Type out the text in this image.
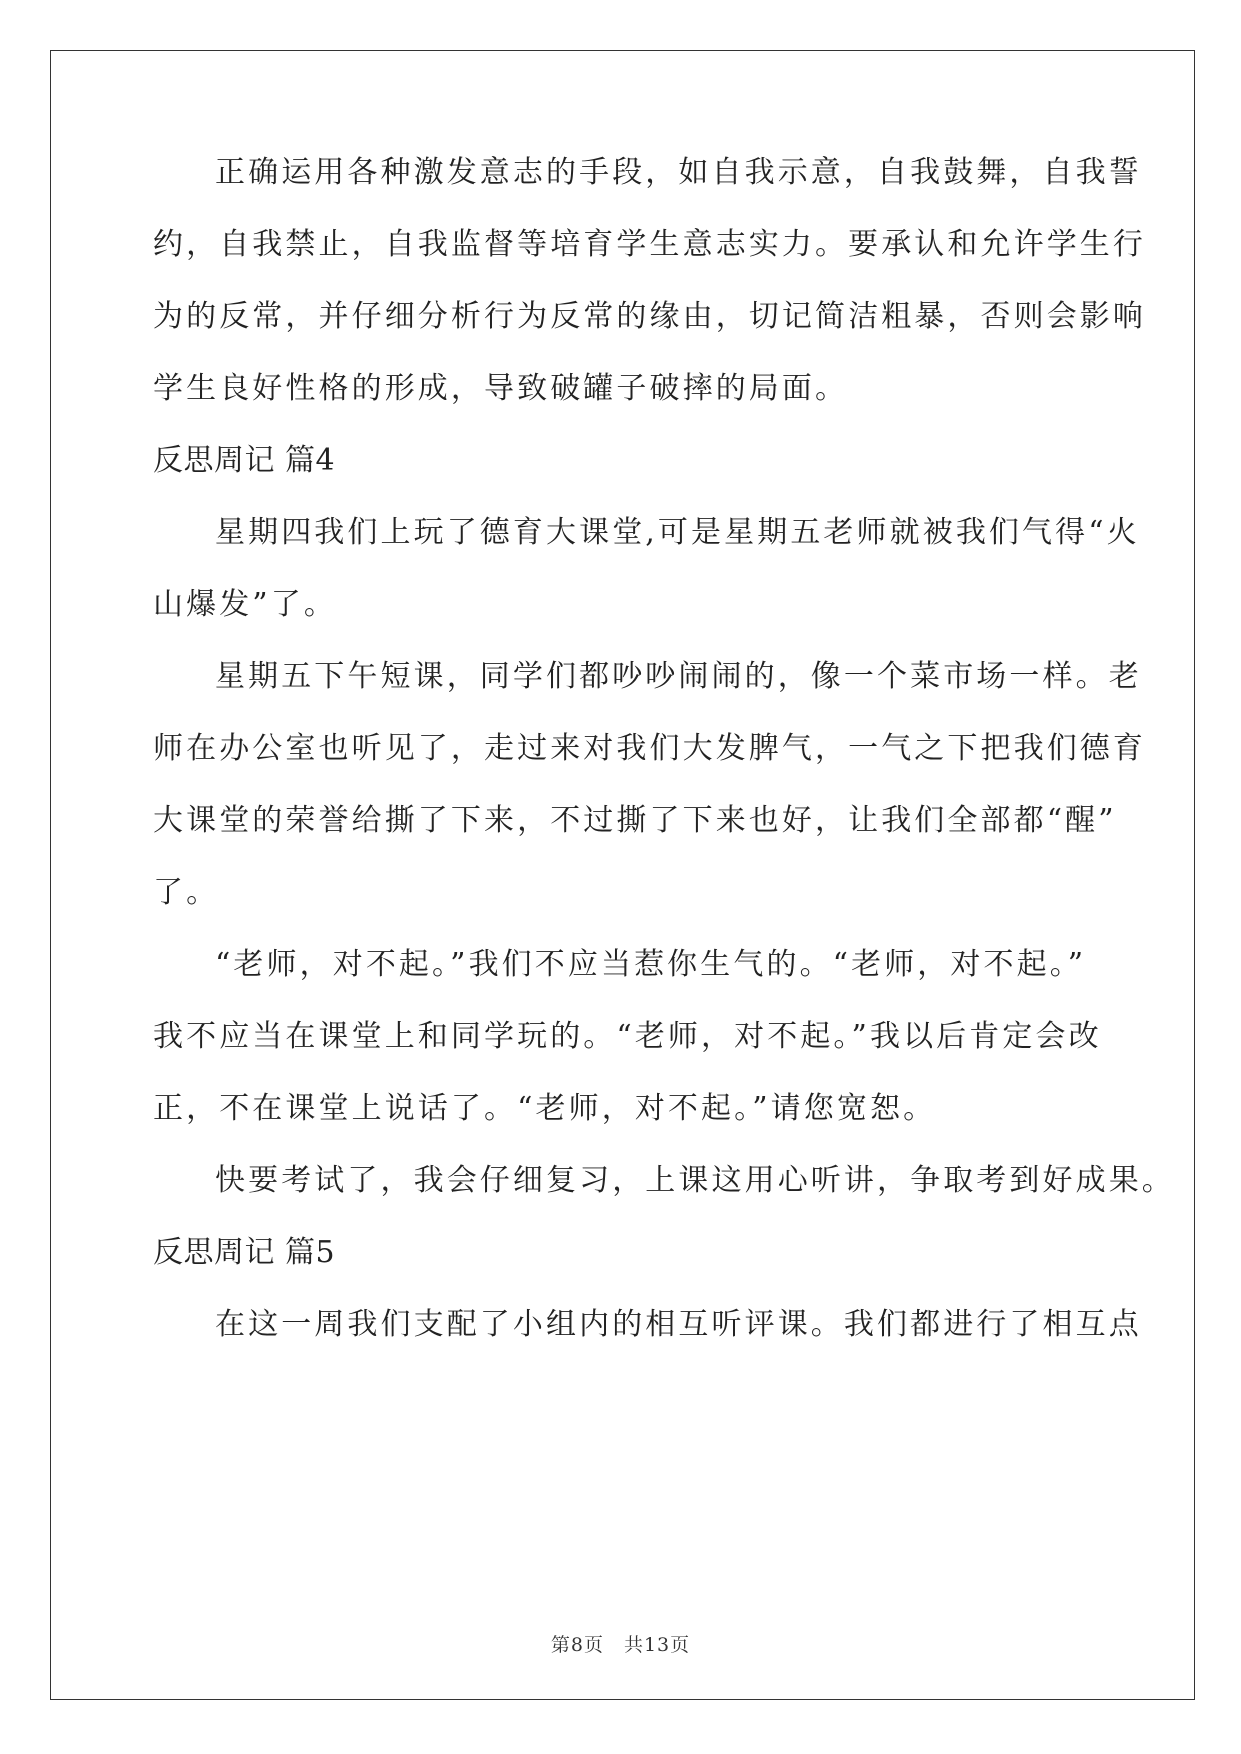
正确运用各种激发意志的手段，如自我示意，自我鼓舞，自我誓

约，自我禁止，自我监督等培育学生意志实力。要承认和允许学生行

为的反常，并仔细分析行为反常的缘由，切记简洁粗暴，否则会影响

学生良好性格的形成，导致破罐子破摔的局面。

反思周记 篇4

星期四我们上玩了德育大课堂,可是星期五老师就被我们气得“火

山爆发”了。

星期五下午短课，同学们都吵吵闹闹的，像一个菜市场一样。老

师在办公室也听见了，走过来对我们大发脾气，一气之下把我们德育

大课堂的荣誉给撕了下来，不过撕了下来也好，让我们全部都“醒”

了。

“老师，对不起。”我们不应当惹你生气的。“老师，对不起。”

我不应当在课堂上和同学玩的。“老师，对不起。”我以后肯定会改

正，不在课堂上说话了。“老师，对不起。”请您宽恕。

快要考试了，我会仔细复习，上课这用心听讲，争取考到好成果。

反思周记 篇5

在这一周我们支配了小组内的相互听评课。我们都进行了相互点

第8页　共13页
